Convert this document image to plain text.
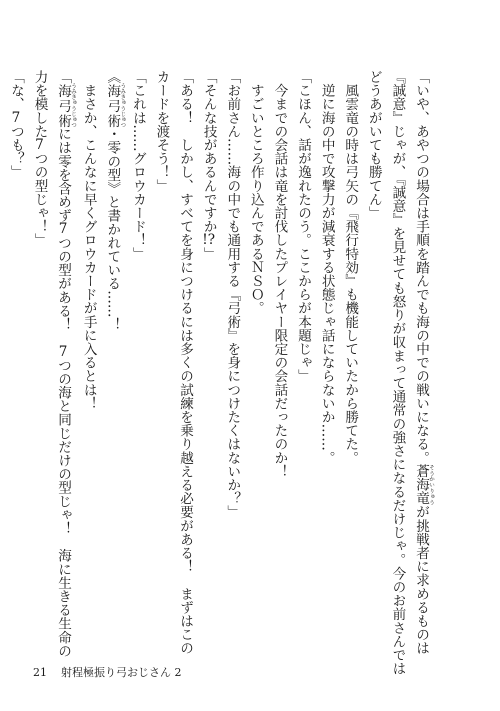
「いや、あやつの場合は手順を踏んでも海の中での戦いになる。蒼海竜 そうかいりゅうが挑戦者に求めるものは
『誠意』じゃが、『誠意』を見せても怒りが収まって通常の強さになるだけじゃ。今のお前さんでは
どうあがいても勝てん」
　風雲竜の時は弓矢の『飛行特効』も機能していたから勝てた。
　逆に海の中で攻撃力が減衰する状態じゃ話にならないか……。
「こほん、話が逸れたのう。ここからが本題じゃ」
　今までの会話は竜を討伐したプレイヤー限定の会話だったのか！
　すごいところ作り込んであるＮＳＯ。
「お前さん……海の中でも通用する『弓術』を身につけたくはないか？」
「そんな技があるんですか!?」
「ある！　しかし、すべてを身につけるには多くの試練を乗り越える必要がある！　まずはこの
カードを渡そう！」
「これは……グロウカード！」
《海弓術 うみきゅうじゅつ・零の型》と書かれている……！
　まさか、こんなに早くグロウカードが手に入るとは！
「海弓術 うみきゅうじゅつには零を含めず7つの型がある！　7つの海と同じだけの型じゃ！　海に生きる生命の
力を模した7つの型じゃ！」
「な、7つも？」
21 射程極振り弓おじさん 2
